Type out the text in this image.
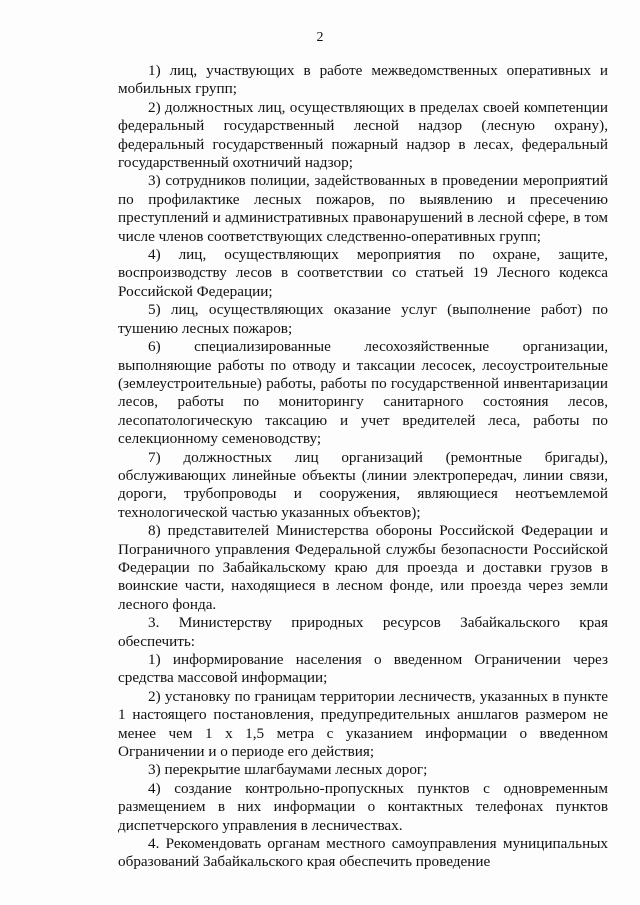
2

1) лиц, участвующих в работе межведомственных оперативных и мобильных групп;

2) должностных лиц, осуществляющих в пределах своей компетенции федеральный государственный лесной надзор (лесную охрану), федеральный государственный пожарный надзор в лесах, федеральный государственный охотничий надзор;

3) сотрудников полиции, задействованных в проведении мероприятий по профилактике лесных пожаров, по выявлению и пресечению преступлений и административных правонарушений в лесной сфере, в том числе членов соответствующих следственно-оперативных групп;

4) лиц, осуществляющих мероприятия по охране, защите, воспроизводству лесов в соответствии со статьей 19 Лесного кодекса Российской Федерации;

5) лиц, осуществляющих оказание услуг (выполнение работ) по тушению лесных пожаров;

6) специализированные лесохозяйственные организации, выполняющие работы по отводу и таксации лесосек, лесоустроительные (землеустроительные) работы, работы по государственной инвентаризации лесов, работы по мониторингу санитарного состояния лесов, лесопатологическую таксацию и учет вредителей леса, работы по селекционному семеноводству;

7) должностных лиц организаций (ремонтные бригады), обслуживающих линейные объекты (линии электропередач, линии связи, дороги, трубопроводы и сооружения, являющиеся неотъемлемой технологической частью указанных объектов);

8) представителей Министерства обороны Российской Федерации и Пограничного управления Федеральной службы безопасности Российской Федерации по Забайкальскому краю для проезда и доставки грузов в воинские части, находящиеся в лесном фонде, или проезда через земли лесного фонда.

3. Министерству природных ресурсов Забайкальского края обеспечить:

1) информирование населения о введенном Ограничении через средства массовой информации;

2) установку по границам территории лесничеств, указанных в пункте 1 настоящего постановления, предупредительных аншлагов размером не менее чем 1 х 1,5 метра с указанием информации о введенном Ограничении и о периоде его действия;

3) перекрытие шлагбаумами лесных дорог;

4) создание контрольно-пропускных пунктов с одновременным размещением в них информации о контактных телефонах пунктов диспетчерского управления в лесничествах.

4. Рекомендовать органам местного самоуправления муниципальных образований Забайкальского края обеспечить проведение
